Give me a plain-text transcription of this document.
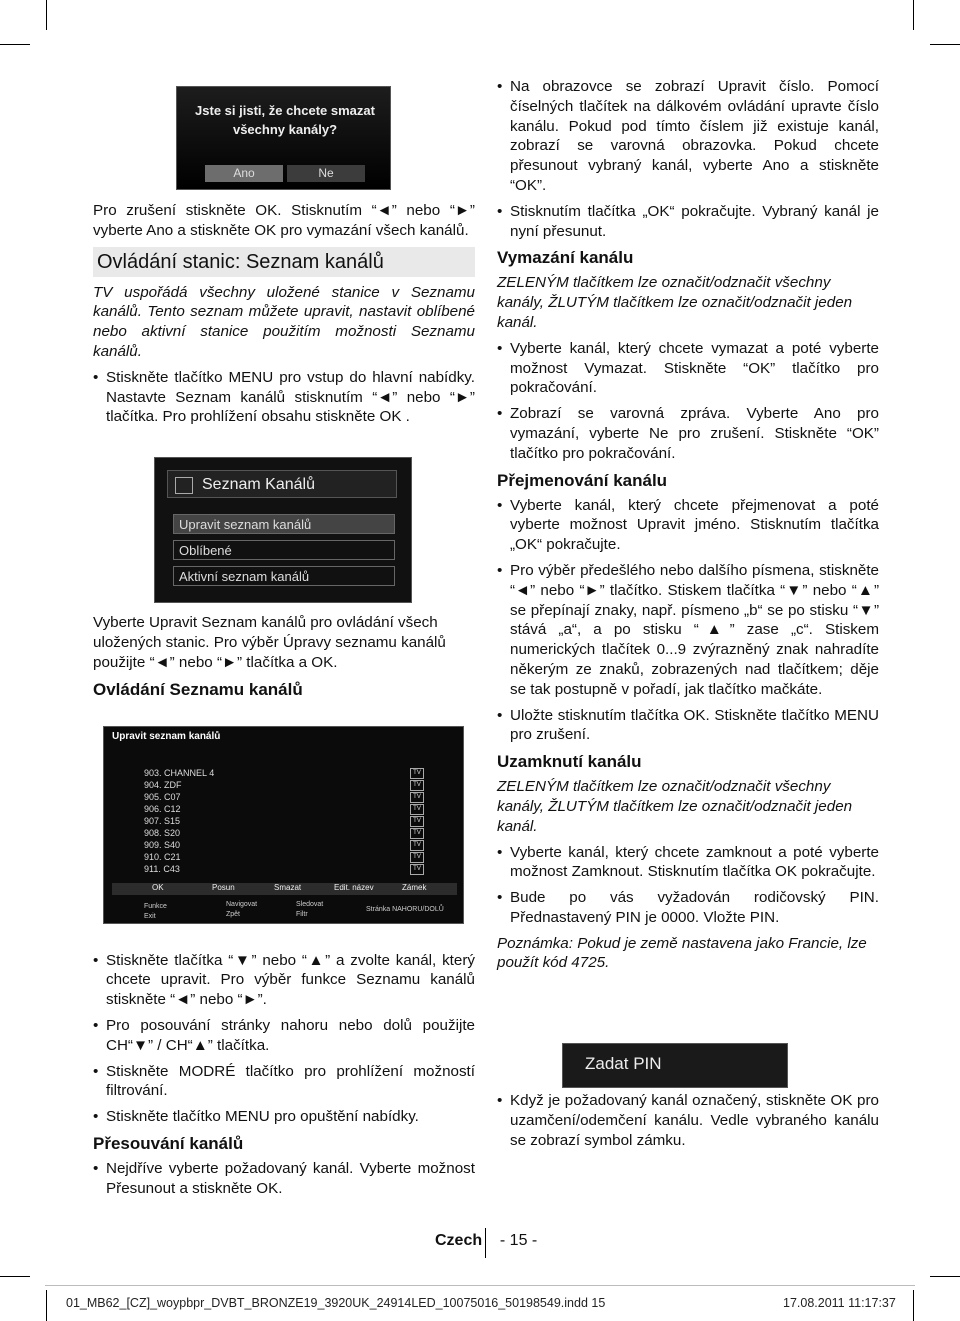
Jste si jisti, že chcete smazat všechny kanály?
Ano	Ne

Pro zrušení stiskněte OK. Stisknutím “◄” nebo “►” vyberte Ano a stiskněte OK pro vymazání všech kanálů.

Ovládání stanic: Seznam kanálů

TV uspořádá všechny uložené stanice v Seznamu kanálů. Tento seznam můžete upravit, nastavit oblíbené nebo aktivní stanice použitím možnosti Seznamu kanálů.

• Stiskněte tlačítko MENU pro vstup do hlavní nabídky. Nastavte Seznam kanálů stisknutím “◄” nebo “►” tlačítka. Pro prohlížení obsahu stiskněte OK .

Vyberte Upravit Seznam kanálů pro ovládání všech uložených stanic. Pro výběr Úpravy seznamu kanálů použijte “◄” nebo “►” tlačítka a OK.

Ovládání Seznamu kanálů
• Stiskněte tlačítka “▼” nebo “▲” a zvolte kanál, který chcete upravit. Pro výběr funkce Seznamu kanálů stiskněte “◄” nebo “►”.
• Pro posouvání stránky nahoru nebo dolů použijte CH“▼” / CH“▲” tlačítka.
• Stiskněte MODRÉ tlačítko pro prohlížení možností filtrování.
• Stiskněte tlačítko MENU pro opuštění nabídky.
Přesouvání kanálů
• Nejdříve vyberte požadovaný kanál. Vyberte možnost Přesunout a stiskněte OK.
Seznam Kanálů
Upravit seznam kanálů
Oblíbené
Aktivní seznam kanálů
Upravit seznam kanálů
903. CHANNEL 4	TV
904. ZDF	TV
905. C07	TV
906. C12	TV
907. S15	TV
908. S20	TV
909. S40	TV
910. C21	TV
911. C43	TV
OK	Posun	Smazat	Edit. název	Zámek
Funkce
Exit
Navigovat
Zpět
Sledovat
Filtr
Stránka NAHORU/DOLŮ
• Na obrazovce se zobrazí Upravit číslo. Pomocí číselných tlačítek na dálkovém ovládání upravte číslo kanálu. Pokud pod tímto číslem již existuje kanál, zobrazí se varovná obrazovka. Pokud chcete přesunout vybraný kanál, vyberte Ano a stiskněte “OK”.
• Stisknutím tlačítka „OK“ pokračujte. Vybraný kanál je nyní přesunut.
Vymazání kanálu

ZELENÝM tlačítkem lze označit/odznačit všechny kanály, ŽLUTÝM tlačítkem lze označit/odznačit jeden kanál.

• Vyberte kanál, který chcete vymazat a poté vyberte možnost Vymazat. Stiskněte “OK” tlačítko pro pokračování.
• Zobrazí se varovná zpráva. Vyberte Ano pro vymazání, vyberte Ne pro zrušení. Stiskněte “OK” tlačítko pro pokračování.
Přejmenování kanálu
• Vyberte kanál, který chcete přejmenovat a poté vyberte možnost Upravit jméno. Stisknutím tlačítka „OK“ pokračujte.
• Pro výběr předešlého nebo dalšího písmena, stiskněte “◄” nebo “►” tlačítko. Stiskem tlačítka “▼” nebo “▲” se přepínají znaky, např. písmeno „b“ se po stisku “▼” stává „a“, a po stisku “▲” zase „c“. Stiskem numerických tlačítek 0...9 zvýrazněný znak nahradíte někerým ze znaků, zobrazených nad tlačítkem; děje se tak postupně v pořadí, jak tlačítko mačkáte.
• Uložte stisknutím tlačítka OK. Stiskněte tlačítko MENU pro zrušení.
Uzamknutí kanálu

ZELENÝM tlačítkem lze označit/odznačit všechny kanály, ŽLUTÝM tlačítkem lze označit/odznačit jeden kanál.

• Vyberte kanál, který chcete zamknout a poté vyberte možnost Zamknout. Stisknutím tlačítka OK pokračujte.
• Bude po vás vyžadován rodičovský PIN. Přednastavený PIN je 0000. Vložte PIN.

Poznámka: Pokud je země nastavena jako Francie, lze použít kód 4725.

• Když je požadovaný kanál označený, stiskněte OK pro uzamčení/odemčení kanálu. Vedle vybraného kanálu se zobrazí symbol zámku.
Zadat PIN
Czech - 15 -
01_MB62_[CZ]_woypbpr_DVBT_BRONZE19_3920UK_24914LED_10075016_50198549.indd 15	17.08.2011 11:17:37
